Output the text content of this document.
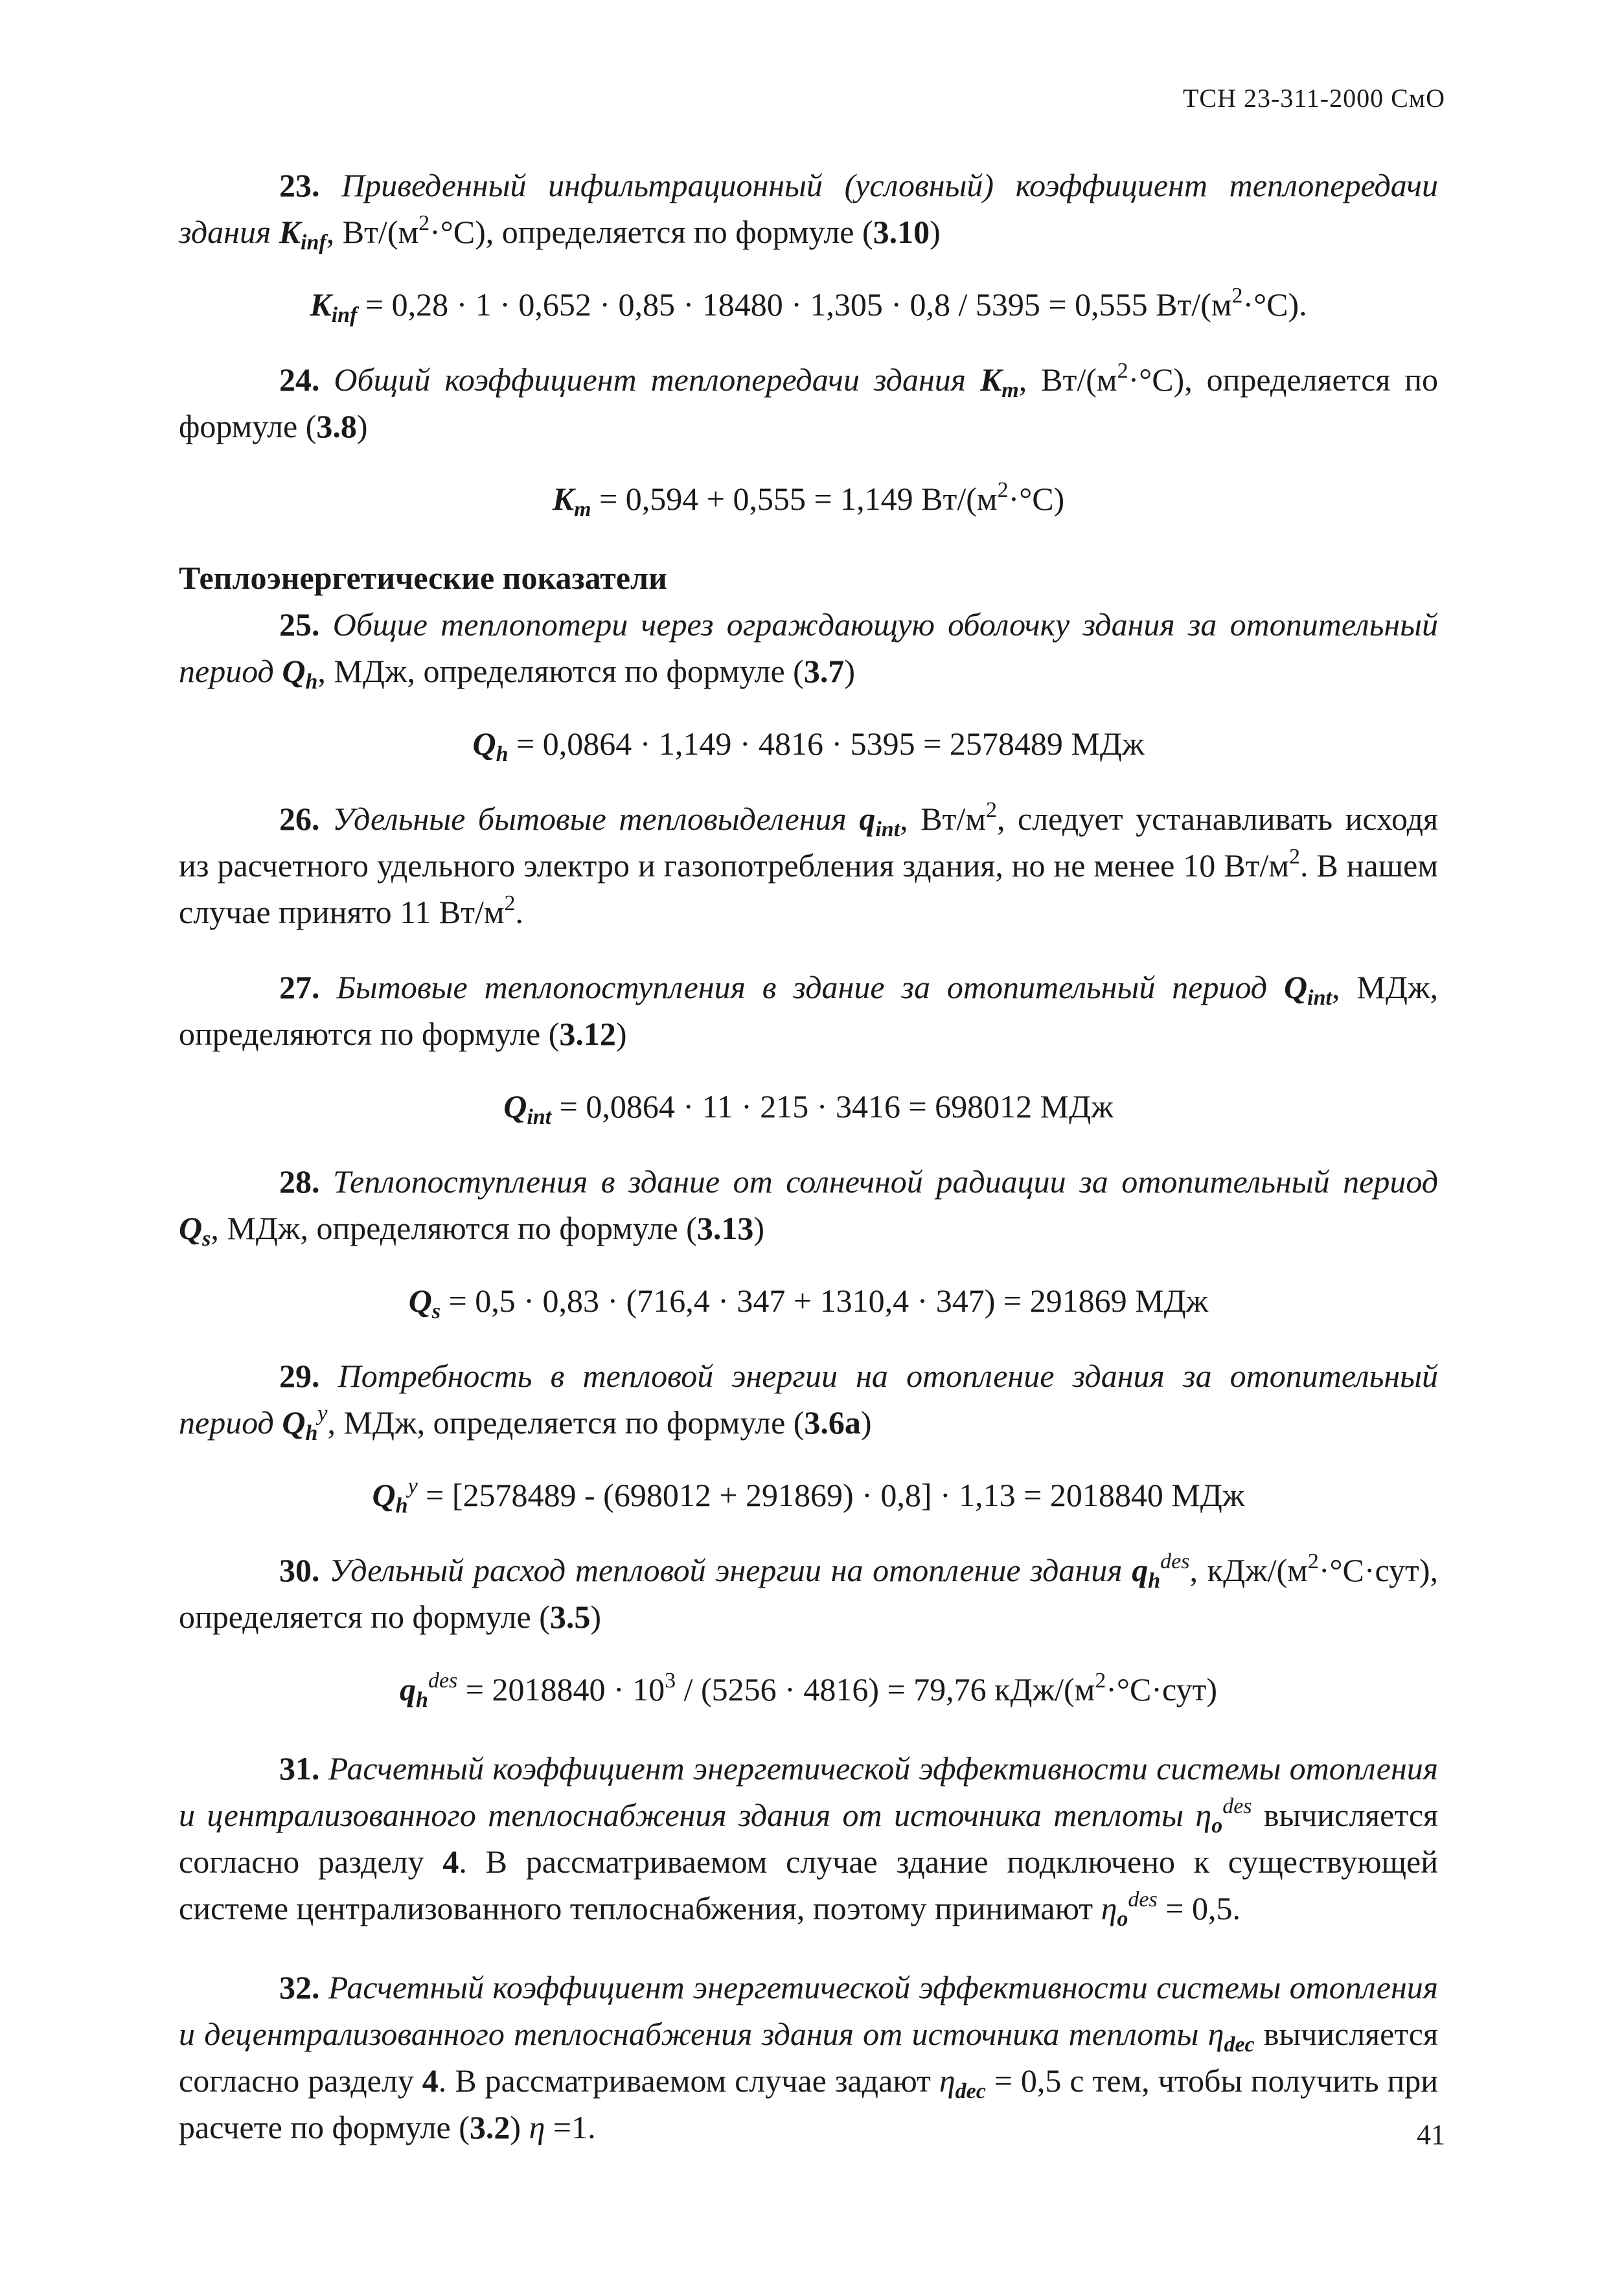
ТСН 23-311-2000 СмО

23. Приведенный инфильтрационный (условный) коэффициент теплопередачи здания $K_{inf}$, $Вт/(м^2\cdot^\circ С)$, определяется по формуле (3.10)

$K_{inf} = 0,28 \cdot 1 \cdot 0,652 \cdot 0,85 \cdot 18480 \cdot 1,305 \cdot 0,8 / 5395 = 0,555$ $Вт/(м^2\cdot^\circ С)$.

24. Общий коэффициент теплопередачи здания $K_m$, $Вт/(м^2\cdot^\circ С)$, определяется по формуле (3.8)

$K_m = 0,594 + 0,555 = 1,149$ $Вт/(м^2\cdot^\circ С)$

Теплоэнергетические показатели

25. Общие теплопотери через ограждающую оболочку здания за отопительный период $Q_h$, МДж, определяются по формуле (3.7)

$Q_h = 0,0864 \cdot 1,149 \cdot 4816 \cdot 5395 = 2578489$ МДж

26. Удельные бытовые тепловыделения $q_{int}$, $Вт/м^2$, следует устанавливать исходя из расчетного удельного электро и газопотребления здания, но не менее 10 $Вт/м^2$. В нашем случае принято 11 $Вт/м^2$.

27. Бытовые теплопоступления в здание за отопительный период $Q_{int}$, МДж, определяются по формуле (3.12)

$Q_{int} = 0,0864 \cdot 11 \cdot 215 \cdot 3416 = 698012$ МДж

28. Теплопоступления в здание от солнечной радиации за отопительный период $Q_s$, МДж, определяются по формуле (3.13)

$Q_s = 0,5 \cdot 0,83 \cdot (716,4 \cdot 347 + 1310,4 \cdot 347) = 291869$ МДж

29. Потребность в тепловой энергии на отопление здания за отопительный период $Q_h^y$, МДж, определяется по формуле (3.6а)

$Q_h^y = [2578489 - (698012 + 291869) \cdot 0,8] \cdot 1,13 = 2018840$ МДж

30. Удельный расход тепловой энергии на отопление здания $q_h^{des}$, кДж/$(м^2\cdot^\circ С\cdot сут)$, определяется по формуле (3.5)

$q_h^{des} = 2018840 \cdot 10^3 / (5256 \cdot 4816) = 79,76$ кДж/$(м^2\cdot^\circ С\cdot сут)$

31. Расчетный коэффициент энергетической эффективности системы отопления и централизованного теплоснабжения здания от источника теплоты $\eta_o^{des}$ вычисляется согласно разделу 4. В рассматриваемом случае здание подключено к существующей системе централизованного теплоснабжения, поэтому принимают $\eta_o^{des} = 0,5$.

32. Расчетный коэффициент энергетической эффективности системы отопления и децентрализованного теплоснабжения здания от источника теплоты $\eta_{dec}$ вычисляется согласно разделу 4. В рассматриваемом случае задают $\eta_{dec} = 0,5$ с тем, чтобы получить при расчете по формуле (3.2) η =1.	41
